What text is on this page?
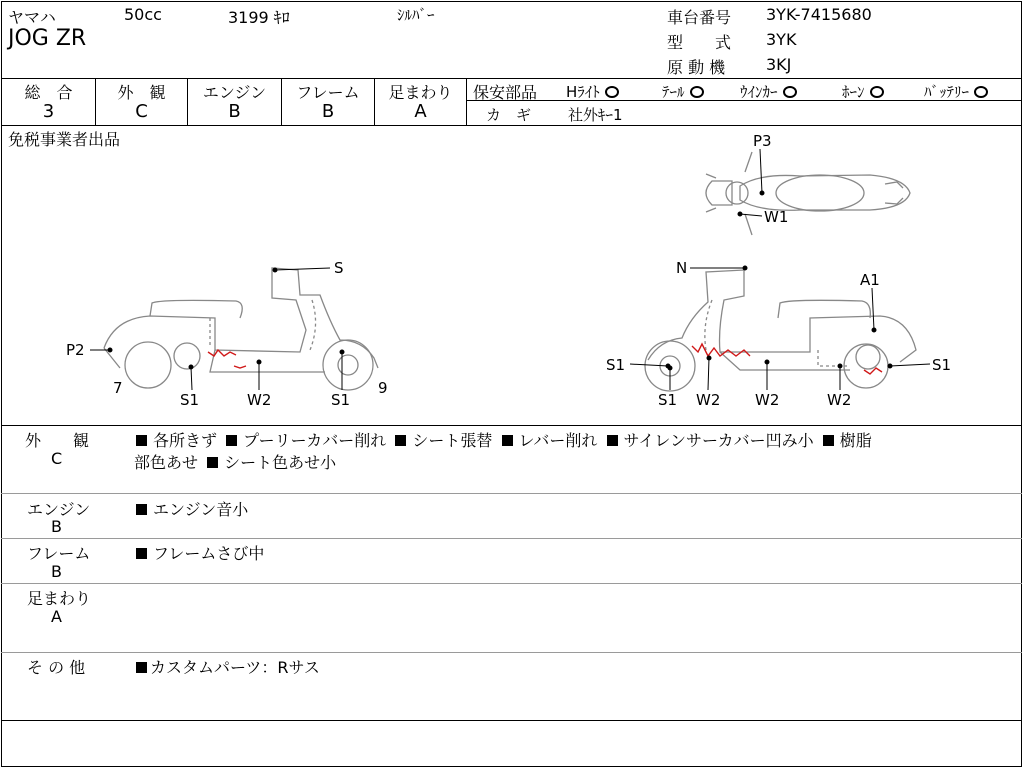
ヤマハ	50cc	3199 ｷﾛ	ｼﾙﾊﾞｰ
JOG ZR
車台番号 3YK-7415680
型　　式 3YK
原 動 機	3KJ
総　合
3
外　観
C
エンジン
B
フレーム
B
足まわり
A
保安部品 Hﾗｲﾄ	ﾃｰﾙ	ｳｲﾝｶｰ	ﾎｰﾝ	ﾊﾞｯﾃﾘｰ
カ　ギ 社外ｷｰ1
免税事業者出品	P3
W1
S
P2
7
S1	W2	S1
9
N
A1
S1	S1
S1 W2 W2	W2
外　　観
C
各所きず プーリーカバー削れ シート張替 レバー削れ サイレンサーカバー凹み小 樹脂
部色あせ シート色あせ小
エンジン
B
エンジン音小
フレーム
B
フレームさび中
足まわり
A
そ の 他	カスタムパーツ：Rサス
